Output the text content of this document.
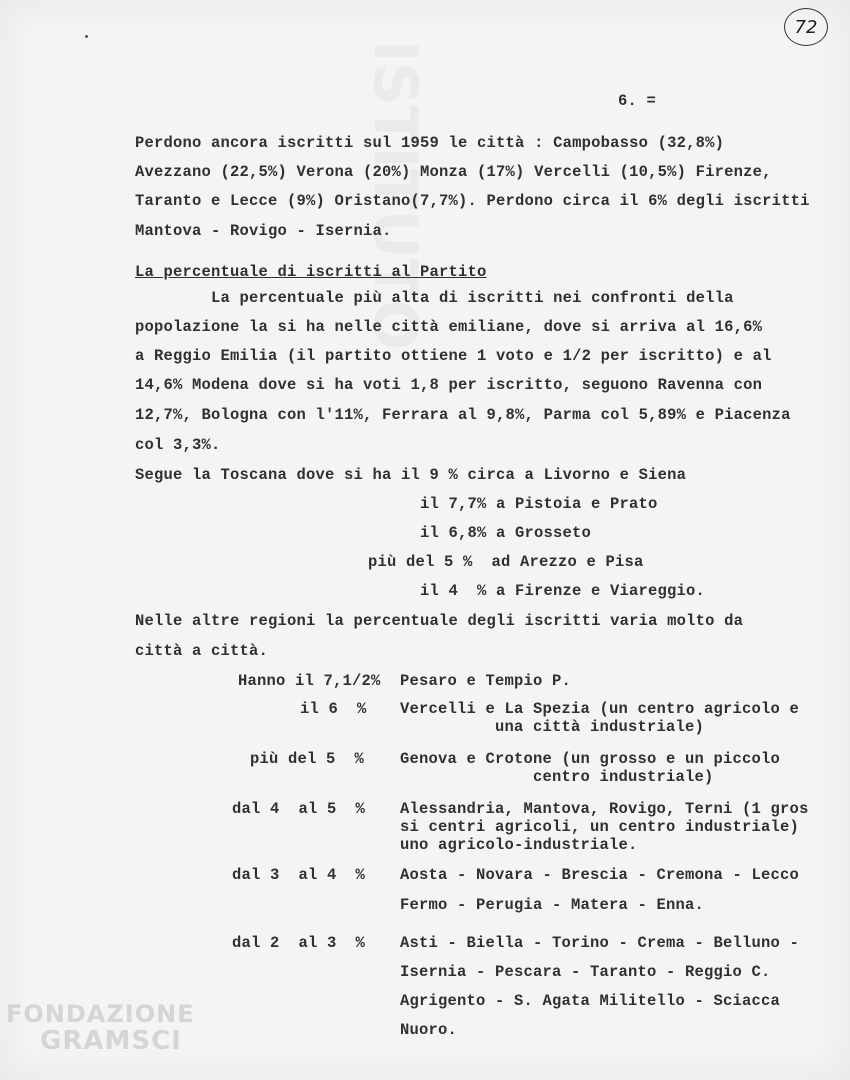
ISTITUTO
72
6. =
Perdono ancora iscritti sul 1959 le città : Campobasso (32,8%)
Avezzano (22,5%) Verona (20%) Monza (17%) Vercelli (10,5%) Firenze,
Taranto e Lecce (9%) Oristano(7,7%). Perdono circa il 6% degli iscritti
Mantova - Rovigo - Isernia.
La percentuale di iscritti al Partito
La percentuale più alta di iscritti nei confronti della
popolazione la si ha nelle città emiliane, dove si arriva al 16,6%
a Reggio Emilia (il partito ottiene 1 voto e 1/2 per iscritto) e al
14,6% Modena dove si ha voti 1,8 per iscritto, seguono Ravenna con
12,7%, Bologna con l'11%, Ferrara al 9,8%, Parma col 5,89% e Piacenza
col 3,3%.
Segue la Toscana dove si ha il 9 % circa a Livorno e Siena
il 7,7% a Pistoia e Prato
il 6,8% a Grosseto
più del 5 %  ad Arezzo e Pisa
il 4  % a Firenze e Viareggio.
Nelle altre regioni la percentuale degli iscritti varia molto da
città a città.
Hanno il 7,1/2% Pesaro e Tempio P.
il 6  % Vercelli e La Spezia (un centro agricolo e
una città industriale)
più del 5  % Genova e Crotone (un grosso e un piccolo
centro industriale)
dal 4  al 5  % Alessandria, Mantova, Rovigo, Terni (1 gros
si centri agricoli, un centro industriale)
uno agricolo-industriale.
dal 3  al 4  % Aosta - Novara - Brescia - Cremona - Lecco
Fermo - Perugia - Matera - Enna.
dal 2  al 3  % Asti - Biella - Torino - Crema - Belluno -
Isernia - Pescara - Taranto - Reggio C.
Agrigento - S. Agata Militello - Sciacca
Nuoro.
FONDAZIONE
GRAMSCI
